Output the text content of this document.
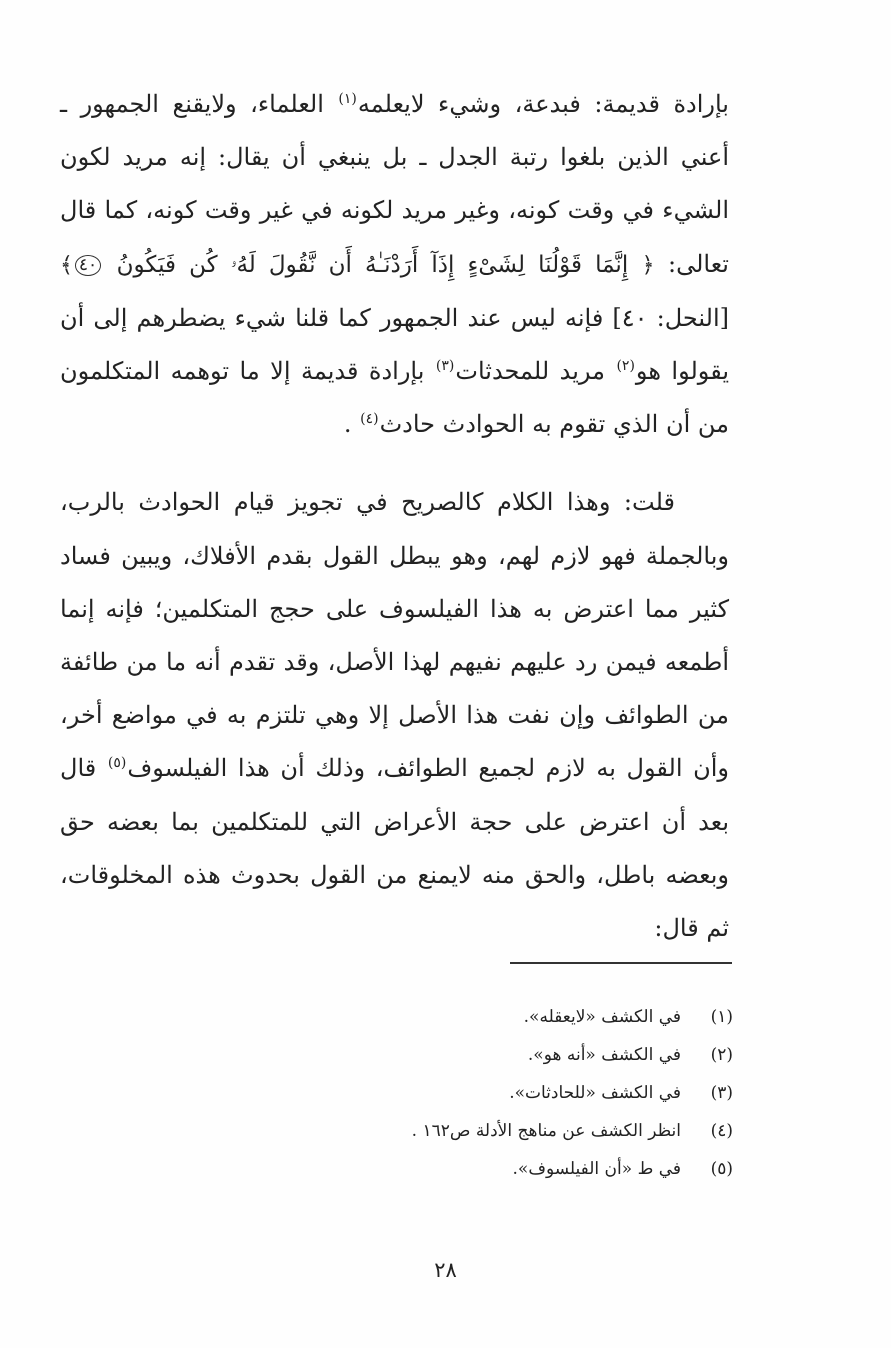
بإرادة قديمة: فبدعة، وشيء لايعلمه$^{(١)}$ العلماء، ولايقنع الجمهور ـ أعني الذين بلغوا رتبة الجدل ـ بل ينبغي أن يقال: إنه مريد لكون الشيء في وقت كونه، وغير مريد لكونه في غير وقت كونه، كما قال تعالى: ﴿ إِنَّمَا قَوْلُنَا لِشَىْءٍ إِذَآ أَرَدْنَـٰهُ أَن نَّقُولَ لَهُۥ كُن فَيَكُونُ ٤٠﴾ [النحل: ٤٠] فإنه ليس عند الجمهور كما قلنا شيء يضطرهم إلى أن يقولوا هو$^{(٢)}$ مريد للمحدثات$^{(٣)}$ بإرادة قديمة إلا ما توهمه المتكلمون من أن الذي تقوم به الحوادث حادث$^{(٤)}$ .

قلت: وهذا الكلام كالصريح في تجويز قيام الحوادث بالرب، وبالجملة فهو لازم لهم، وهو يبطل القول بقدم الأفلاك، ويبين فساد كثير مما اعترض به هذا الفيلسوف على حجج المتكلمين؛ فإنه إنما أطمعه فيمن رد عليهم نفيهم لهذا الأصل، وقد تقدم أنه ما من طائفة من الطوائف وإن نفت هذا الأصل إلا وهي تلتزم به في مواضع أخر، وأن القول به لازم لجميع الطوائف، وذلك أن هذا الفيلسوف$^{(٥)}$ قال بعد أن اعترض على حجة الأعراض التي للمتكلمين بما بعضه حق وبعضه باطل، والحق منه لايمنع من القول بحدوث هذه المخلوقات، ثم قال:

(١)
في الكشف «لايعقله».
(٢)
في الكشف «أنه هو».
(٣)
في الكشف «للحادثات».
(٤)
انظر الكشف عن مناهج الأدلة ص١٦٢ .
(٥)
في ط «أن الفيلسوف».
٢٨
